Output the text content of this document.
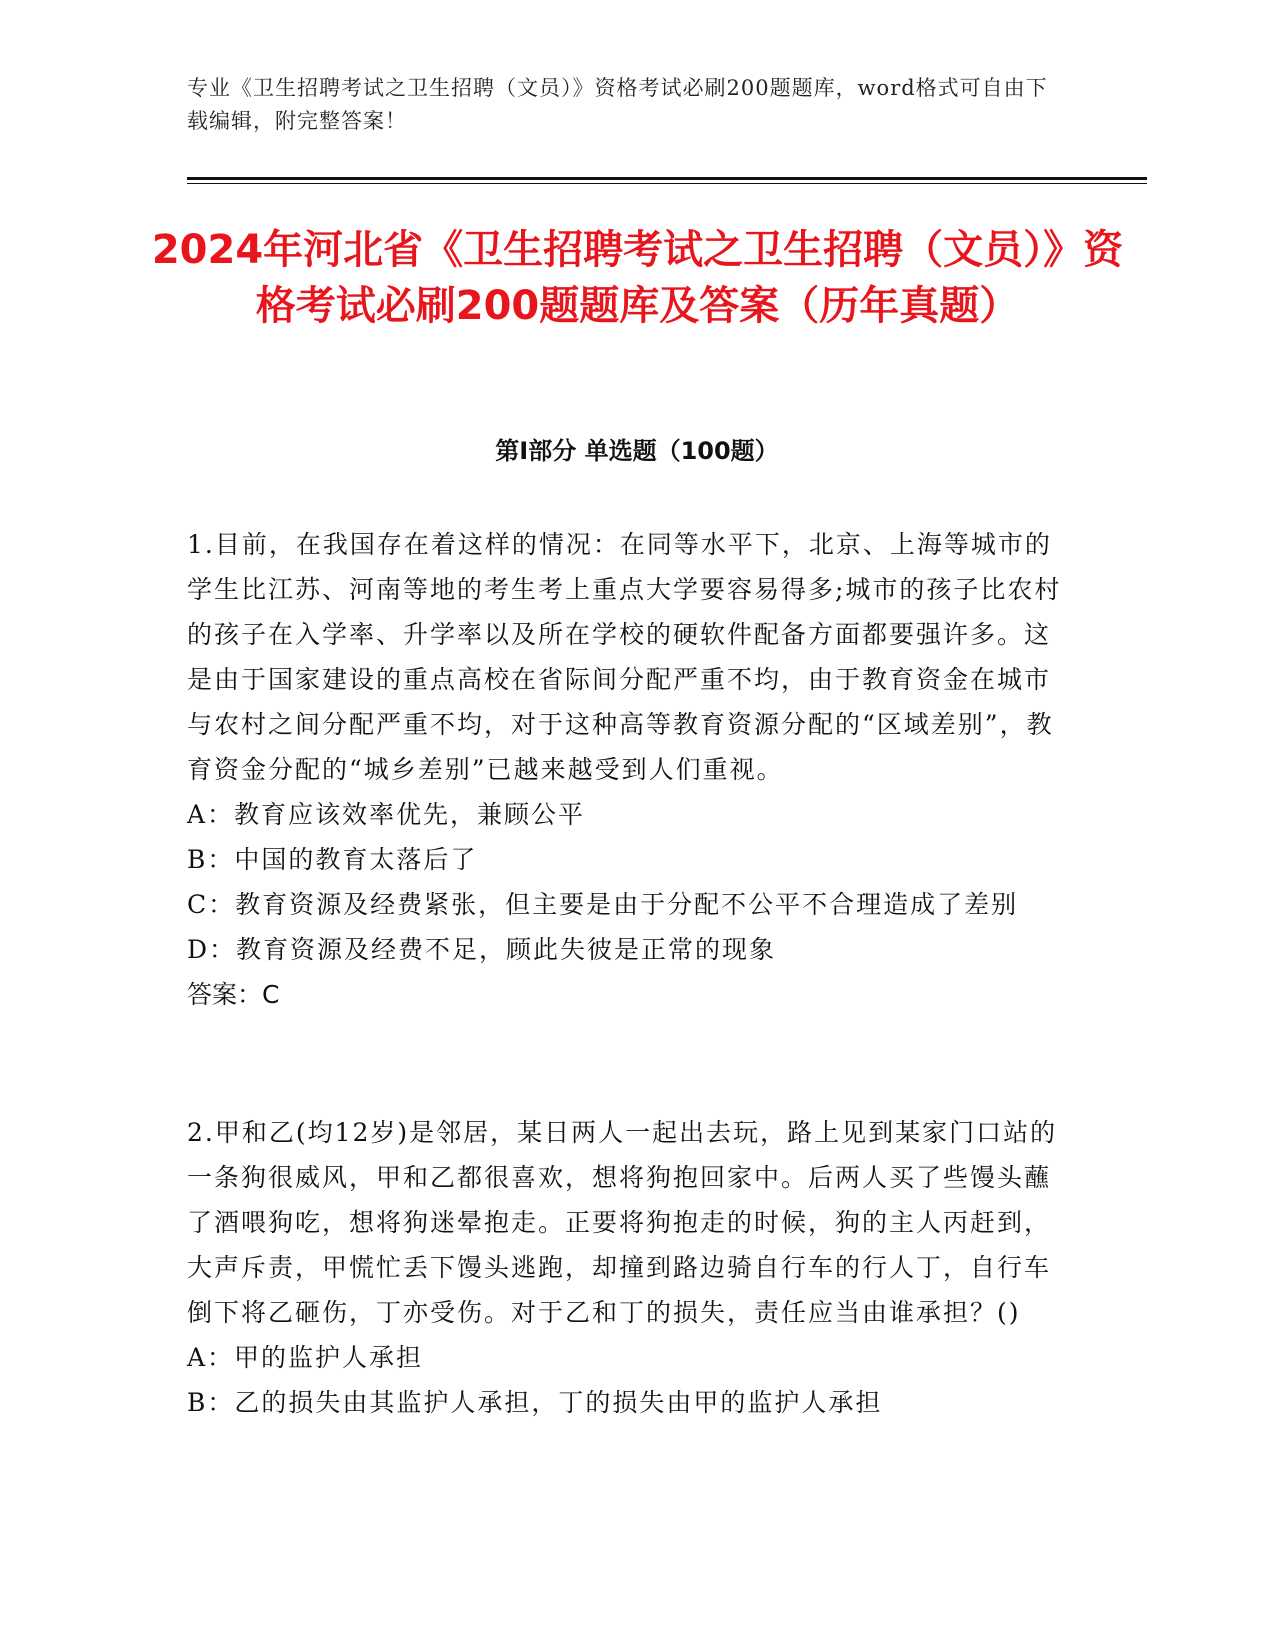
专业《卫生招聘考试之卫生招聘（文员）》资格考试必刷200题题库，word格式可自由下载编辑，附完整答案！
2024年河北省《卫生招聘考试之卫生招聘（文员）》资格考试必刷200题题库及答案（历年真题）
第Ⅰ部分 单选题（100题）

1.目前，在我国存在着这样的情况：在同等水平下，北京、上海等城市的学生比江苏、河南等地的考生考上重点大学要容易得多;城市的孩子比农村的孩子在入学率、升学率以及所在学校的硬软件配备方面都要强许多。这是由于国家建设的重点高校在省际间分配严重不均，由于教育资金在城市与农村之间分配严重不均，对于这种高等教育资源分配的“区域差别”，教育资金分配的“城乡差别”已越来越受到人们重视。

A：教育应该效率优先，兼顾公平

B：中国的教育太落后了

C：教育资源及经费紧张，但主要是由于分配不公平不合理造成了差别

D：教育资源及经费不足，顾此失彼是正常的现象

答案：C

2.甲和乙(均12岁)是邻居，某日两人一起出去玩，路上见到某家门口站的一条狗很威风，甲和乙都很喜欢，想将狗抱回家中。后两人买了些馒头蘸了酒喂狗吃，想将狗迷晕抱走。正要将狗抱走的时候，狗的主人丙赶到，大声斥责，甲慌忙丢下馒头逃跑，却撞到路边骑自行车的行人丁，自行车倒下将乙砸伤，丁亦受伤。对于乙和丁的损失，责任应当由谁承担？()

A：甲的监护人承担

B：乙的损失由其监护人承担，丁的损失由甲的监护人承担
